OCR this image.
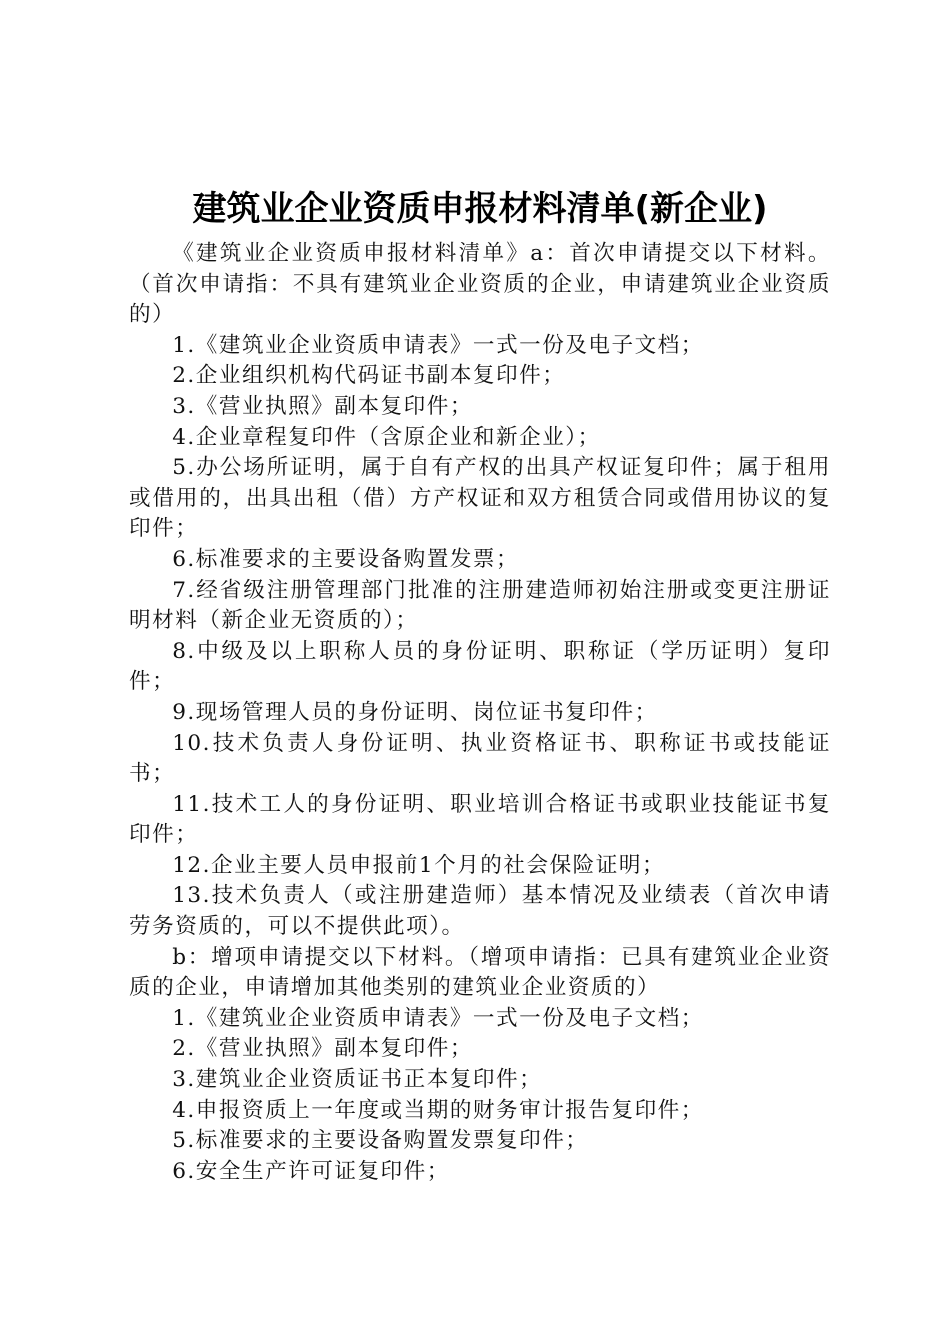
建筑业企业资质申报材料清单(新企业)

《建筑业企业资质申报材料清单》a：首次申请提交以下材料。（首次申请指：不具有建筑业企业资质的企业，申请建筑业企业资质的）

1.《建筑业企业资质申请表》一式一份及电子文档；

2.企业组织机构代码证书副本复印件；

3.《营业执照》副本复印件；

4.企业章程复印件（含原企业和新企业）；

5.办公场所证明，属于自有产权的出具产权证复印件；属于租用或借用的，出具出租（借）方产权证和双方租赁合同或借用协议的复印件；

6.标准要求的主要设备购置发票；

7.经省级注册管理部门批准的注册建造师初始注册或变更注册证明材料（新企业无资质的）；

8.中级及以上职称人员的身份证明、职称证（学历证明）复印件；

9.现场管理人员的身份证明、岗位证书复印件；

10.技术负责人身份证明、执业资格证书、职称证书或技能证书；

11.技术工人的身份证明、职业培训合格证书或职业技能证书复印件；

12.企业主要人员申报前1个月的社会保险证明；

13.技术负责人（或注册建造师）基本情况及业绩表（首次申请劳务资质的，可以不提供此项）。

b：增项申请提交以下材料。（增项申请指：已具有建筑业企业资质的企业，申请增加其他类别的建筑业企业资质的）

1.《建筑业企业资质申请表》一式一份及电子文档；

2.《营业执照》副本复印件；

3.建筑业企业资质证书正本复印件；

4.申报资质上一年度或当期的财务审计报告复印件；

5.标准要求的主要设备购置发票复印件；

6.安全生产许可证复印件；
